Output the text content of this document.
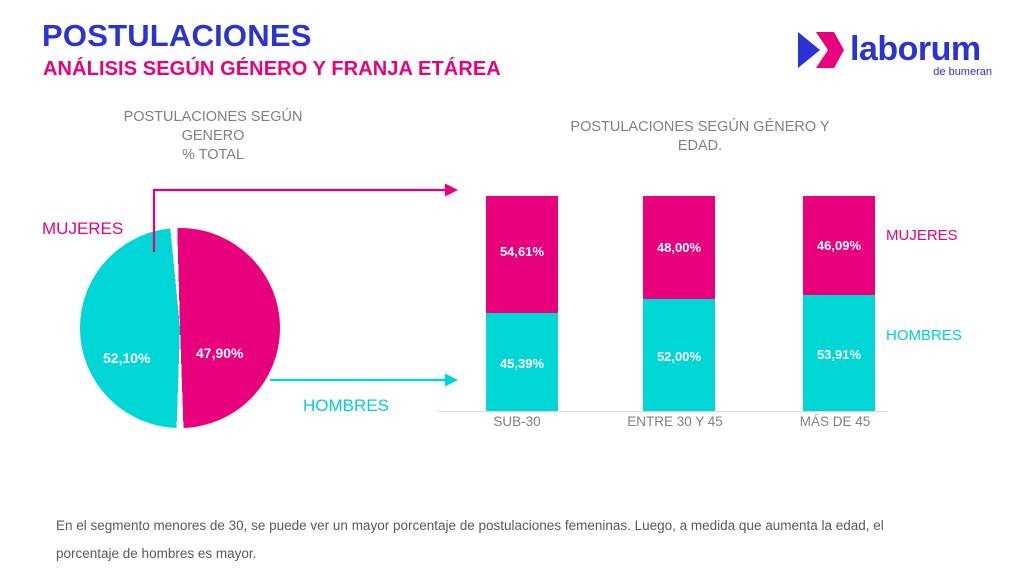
POSTULACIONES
ANÁLISIS SEGÚN GÉNERO Y FRANJA ETÁREA
laborum
de bumeran
POSTULACIONES SEGÚN
GENERO
% TOTAL
POSTULACIONES SEGÚN GÉNERO Y
EDAD.
MUJERES
HOMBRES
52,10%	47,90%
54,61%
45,39%
48,00%
52,00%
46,09%
53,91%
SUB-30	ENTRE 30 Y 45	MÁS DE 45
MUJERES
HOMBRES
En el segmento menores de 30, se puede ver un mayor porcentaje de postulaciones femeninas. Luego, a medida que aumenta la edad, el porcentaje de hombres es mayor.
